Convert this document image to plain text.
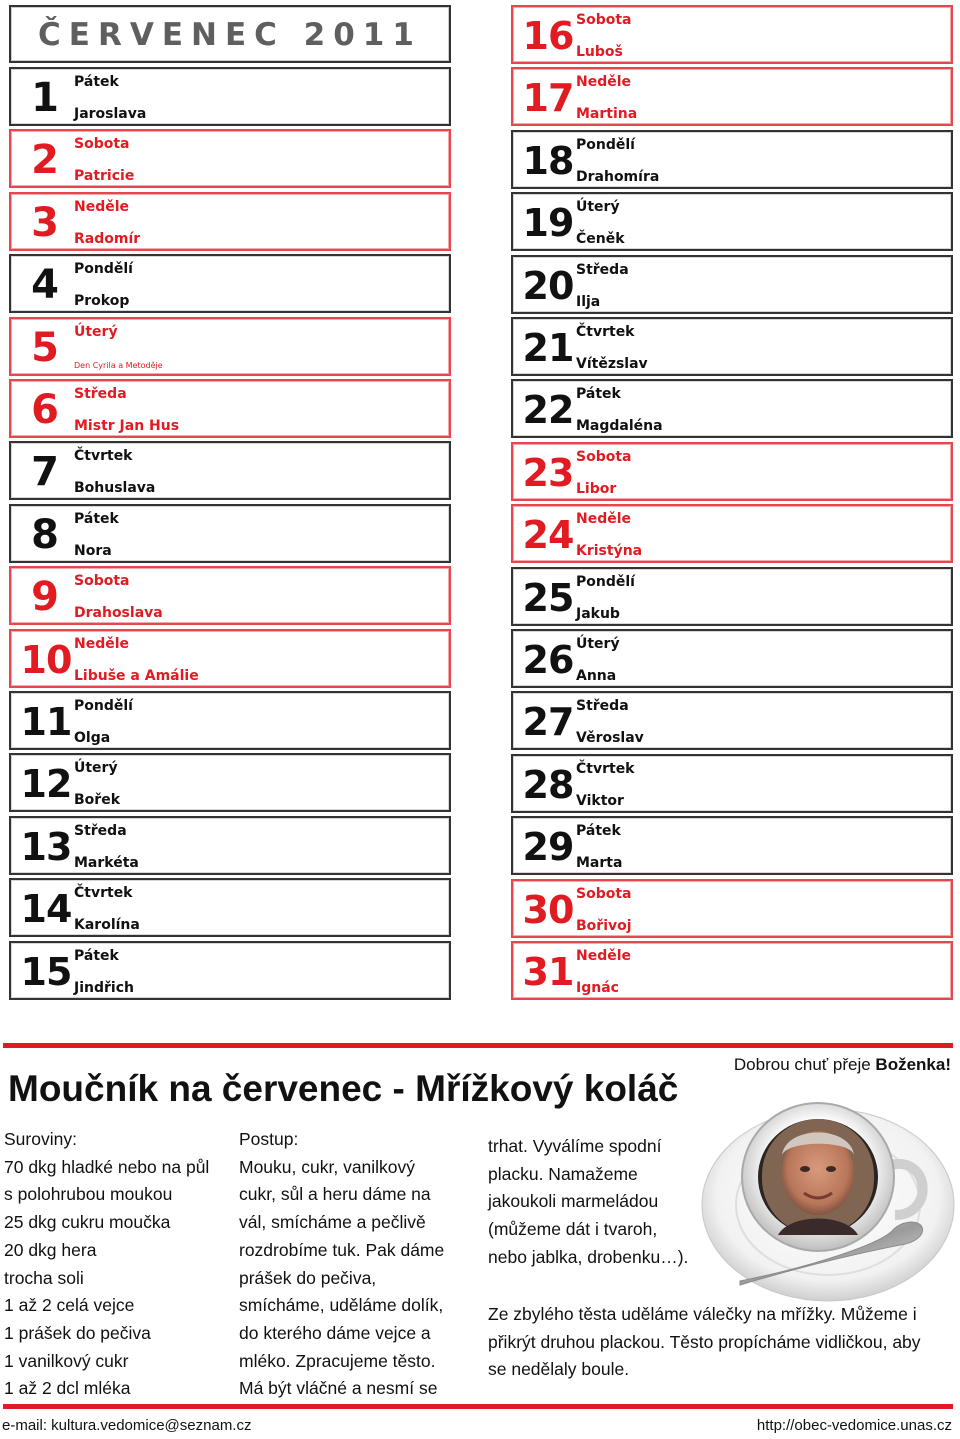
ČERVENEC 2011
1	Pátek
Jaroslava
2	Sobota
Patricie
3	Neděle
Radomír
4	Pondělí
Prokop
5	Úterý
Den Cyrila a Metoděje
6	Středa
Mistr Jan Hus
7	Čtvrtek
Bohuslava
8	Pátek
Nora
9	Sobota
Drahoslava
10 Neděle
Libuše a Amálie
11 Pondělí
Olga
12 Úterý
Bořek
13 Středa
Markéta
14 Čtvrtek
Karolína
15 Pátek
Jindřich
16 Sobota
Luboš
17 Neděle
Martina
18 Pondělí
Drahomíra
19 Úterý
Čeněk
20 Středa
Ilja
21 Čtvrtek
Vítězslav
22 Pátek
Magdaléna
23 Sobota
Libor
24 Neděle
Kristýna
25 Pondělí
Jakub
26 Úterý
Anna
27 Středa
Věroslav
28 Čtvrtek
Viktor
29 Pátek
Marta
30 Sobota
Bořivoj
31 Neděle
Ignác
Dobrou chuť přeje Boženka!
Moučník na červenec - Mřížkový koláč
Suroviny:
70 dkg hladké nebo na půl
s polohrubou moukou
25 dkg cukru moučka
20 dkg hera
trocha soli
1 až 2 celá vejce
1 prášek do pečiva
1 vanilkový cukr
1 až 2 dcl mléka
Postup:
Mouku, cukr, vanilkový
cukr, sůl a heru dáme na
vál, smícháme a pečlivě
rozdrobíme tuk. Pak dáme
prášek do pečiva,
smícháme, uděláme dolík,
do kterého dáme vejce a
mléko. Zpracujeme těsto.
Má být vláčné a nesmí se
trhat. Vyválíme spodní
placku. Namažeme
jakoukoli marmeládou
(můžeme dát i tvaroh,
nebo jablka, drobenku…).
Ze zbylého těsta uděláme válečky na mřížky. Můžeme i
přikrýt druhou plackou. Těsto propícháme vidličkou, aby
se nedělaly boule.
e-mail: kultura.vedomice@seznam.cz	http://obec-vedomice.unas.cz
